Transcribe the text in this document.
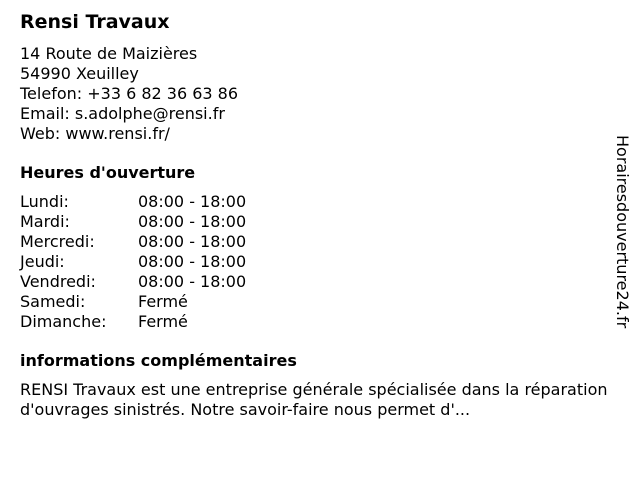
Rensi Travaux
14 Route de Maizières
54990 Xeuilley
Telefon: +33 6 82 36 63 86
Email: s.adolphe@rensi.fr
Web: www.rensi.fr/
Heures d'ouverture
Lundi:	08:00 - 18:00
Mardi:	08:00 - 18:00
Mercredi:	08:00 - 18:00
Jeudi:	08:00 - 18:00
Vendredi:	08:00 - 18:00
Samedi:	Fermé
Dimanche:	Fermé
informations complémentaires
RENSI Travaux est une entreprise générale spécialisée dans la réparation d'ouvrages sinistrés. Notre savoir-faire nous permet d'...
Horairesdouverture24.fr
